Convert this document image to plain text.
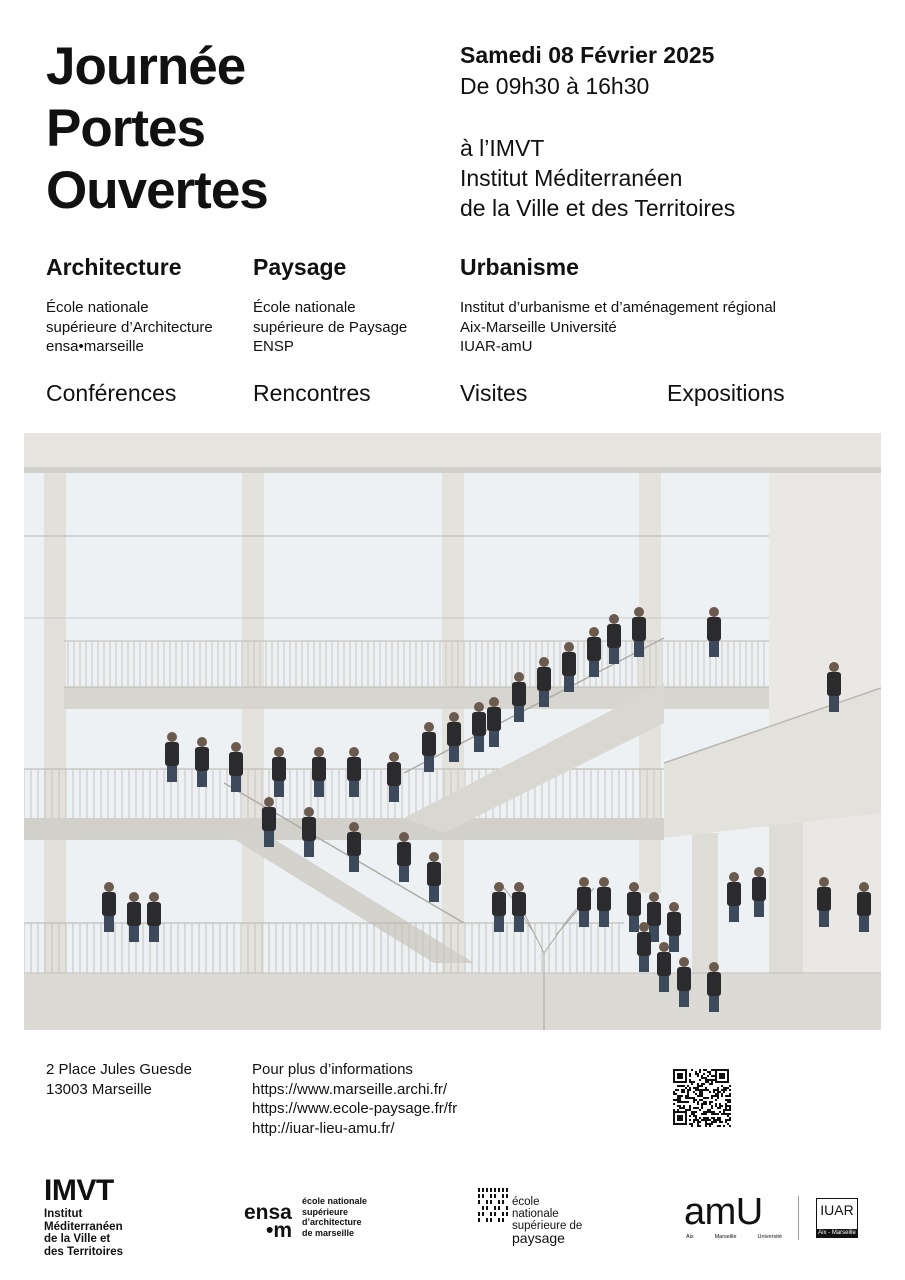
Journée
Portes
Ouvertes
Samedi 08 Février 2025
De 09h30 à 16h30
à l’IMVT
Institut Méditerranéen
de la Ville et des Territoires
Architecture
École nationale
supérieure d’Architecture
ensa•marseille
Paysage
École nationale
supérieure de Paysage
ENSP
Urbanisme
Institut d’urbanisme et d’aménagement régional
Aix-Marseille Université
IUAR-amU
Conférences	Rencontres	Visites	Expositions
2 Place Jules Guesde
13003 Marseille
Pour plus d’informations
https://www.marseille.archi.fr/
https://www.ecole-paysage.fr/fr
http://iuar-lieu-amu.fr/
IMVT
Institut
Méditerranéen
de la Ville et
des Territoires
ensa
•m
école nationale
supérieure
d’architecture
de marseille
école
nationale
supérieure de
paysage
amU
Aix	Marseille	Université
IUAR
Aix - Marseille
